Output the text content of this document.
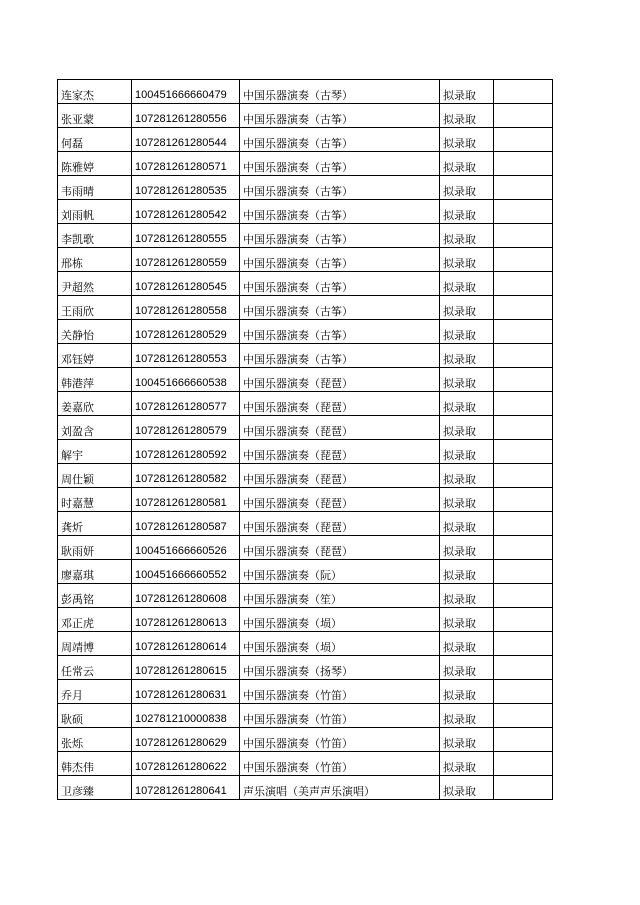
连家杰	100451666660479	中国乐器演奏（古琴）	拟录取	
张亚蒙	107281261280556	中国乐器演奏（古筝）	拟录取	
何磊	107281261280544	中国乐器演奏（古筝）	拟录取	
陈雅婷	107281261280571	中国乐器演奏（古筝）	拟录取	
韦雨晴	107281261280535	中国乐器演奏（古筝）	拟录取	
刘雨帆	107281261280542	中国乐器演奏（古筝）	拟录取	
李凯歌	107281261280555	中国乐器演奏（古筝）	拟录取	
邢栋	107281261280559	中国乐器演奏（古筝）	拟录取	
尹超然	107281261280545	中国乐器演奏（古筝）	拟录取	
王雨欣	107281261280558	中国乐器演奏（古筝）	拟录取	
关静怡	107281261280529	中国乐器演奏（古筝）	拟录取	
邓钰婷	107281261280553	中国乐器演奏（古筝）	拟录取	
韩港萍	100451666660538	中国乐器演奏（琵琶）	拟录取	
姜嘉欣	107281261280577	中国乐器演奏（琵琶）	拟录取	
刘盈含	107281261280579	中国乐器演奏（琵琶）	拟录取	
解宇	107281261280592	中国乐器演奏（琵琶）	拟录取	
周仕颖	107281261280582	中国乐器演奏（琵琶）	拟录取	
时嘉慧	107281261280581	中国乐器演奏（琵琶）	拟录取	
龚炘	107281261280587	中国乐器演奏（琵琶）	拟录取	
耿雨妍	100451666660526	中国乐器演奏（琵琶）	拟录取	
廖嘉琪	100451666660552	中国乐器演奏（阮）	拟录取	
彭禹铭	107281261280608	中国乐器演奏（笙）	拟录取	
邓正虎	107281261280613	中国乐器演奏（埙）	拟录取	
周靖博	107281261280614	中国乐器演奏（埙）	拟录取	
任常云	107281261280615	中国乐器演奏（扬琴）	拟录取	
乔月	107281261280631	中国乐器演奏（竹笛）	拟录取	
耿硕	102781210000838	中国乐器演奏（竹笛）	拟录取	
张烁	107281261280629	中国乐器演奏（竹笛）	拟录取	
韩杰伟	107281261280622	中国乐器演奏（竹笛）	拟录取	
卫彦臻	107281261280641	声乐演唱（美声声乐演唱）	拟录取	
